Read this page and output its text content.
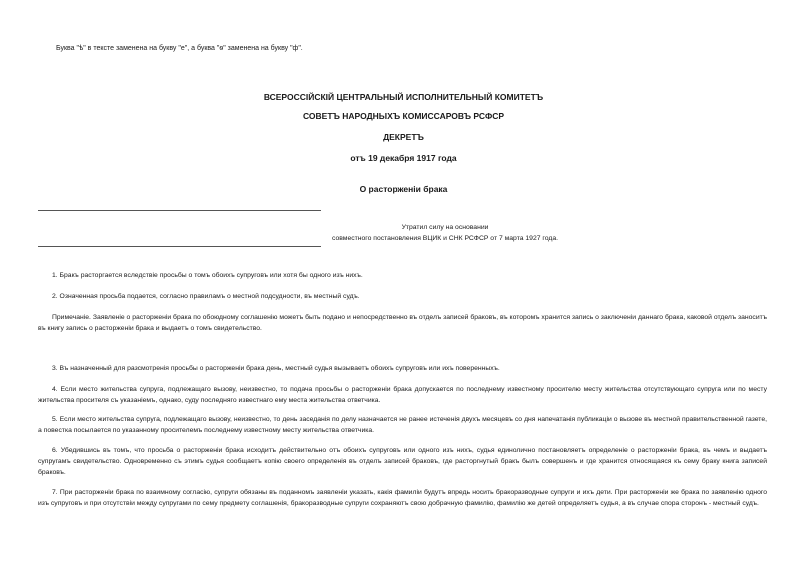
Буква "ѣ" в тексте заменена на букву "е", а буква "ѳ" заменена на букву "ф".
ВСЕРОССІЙСКІЙ ЦЕНТРАЛЬНЫЙ ИСПОЛНИТЕЛЬНЫЙ КОМИТЕТЪ
СОВЕТЪ НАРОДНЫХЪ КОМИССАРОВЪ РСФСР
ДЕКРЕТЪ
отъ 19 декабря 1917 года
О расторженіи брака
Утратил силу на основании
совместного постановления ВЦИК и СНК РСФСР от 7 марта 1927 года.
1. Бракъ расторгается вследствіе просьбы о томъ обоихъ супруговъ или хотя бы одного изъ нихъ.
2. Означенная просьба подается, согласно правиламъ о местной подсудности, въ местный судъ.
Примечаніе. Заявленіе о расторженіи брака по обоюдному соглашенію можетъ быть подано и непосредственно въ отделъ записей браковъ, въ которомъ хранится запись о заключеніи даннаго брака, каковой отделъ заноситъ въ книгу запись о расторженіи брака и выдаетъ о томъ свидетельство.
3. Въ назначенный для разсмотренія просьбы о расторженіи брака день, местный судья вызываетъ обоихъ супруговъ или ихъ поверенныхъ.
4. Если место жительства супруга, подлежащаго вызову, неизвестно, то подача просьбы о расторженіи брака допускается по последнему известному просителю месту жительства отсутствующаго супруга или по месту жительства просителя съ указаніемъ, однако, суду последняго известнаго ему места жительства ответчика.
5. Если место жительства супруга, подлежащаго вызову, неизвестно, то день заседанія по делу назначается не ранее истеченія двухъ месяцевъ со дня напечатанія публикаціи о вызове въ местной правительственной газете, а повестка посылается по указанному просителемъ последнему известному месту жительства ответчика.
6. Убедившись въ томъ, что просьба о расторженіи брака исходитъ действительно отъ обоихъ супруговъ или одного изъ нихъ, судья единолично постановляетъ определеніе о расторженіи брака, въ чемъ и выдаетъ супругамъ свидетельство. Одновременно съ этимъ судья сообщаетъ копію своего определенія въ отделъ записей браковъ, где расторгнутый бракъ былъ совершенъ и где хранится относящаяся къ сему браку книга записей браковъ.
7. При расторженіи брака по взаимному согласію, супруги обязаны въ поданномъ заявленіи указать, какія фамиліи будутъ впредь носить бракоразводные супруги и ихъ дети. При расторженіи же брака по заявленію одного изъ супруговъ и при отсутствіи между супругами по сему предмету соглашенія, бракоразводные супруги сохраняютъ свою добрачную фамилію, фамилію же детей определяетъ судья, а въ случае спора сторонъ - местный судъ.
